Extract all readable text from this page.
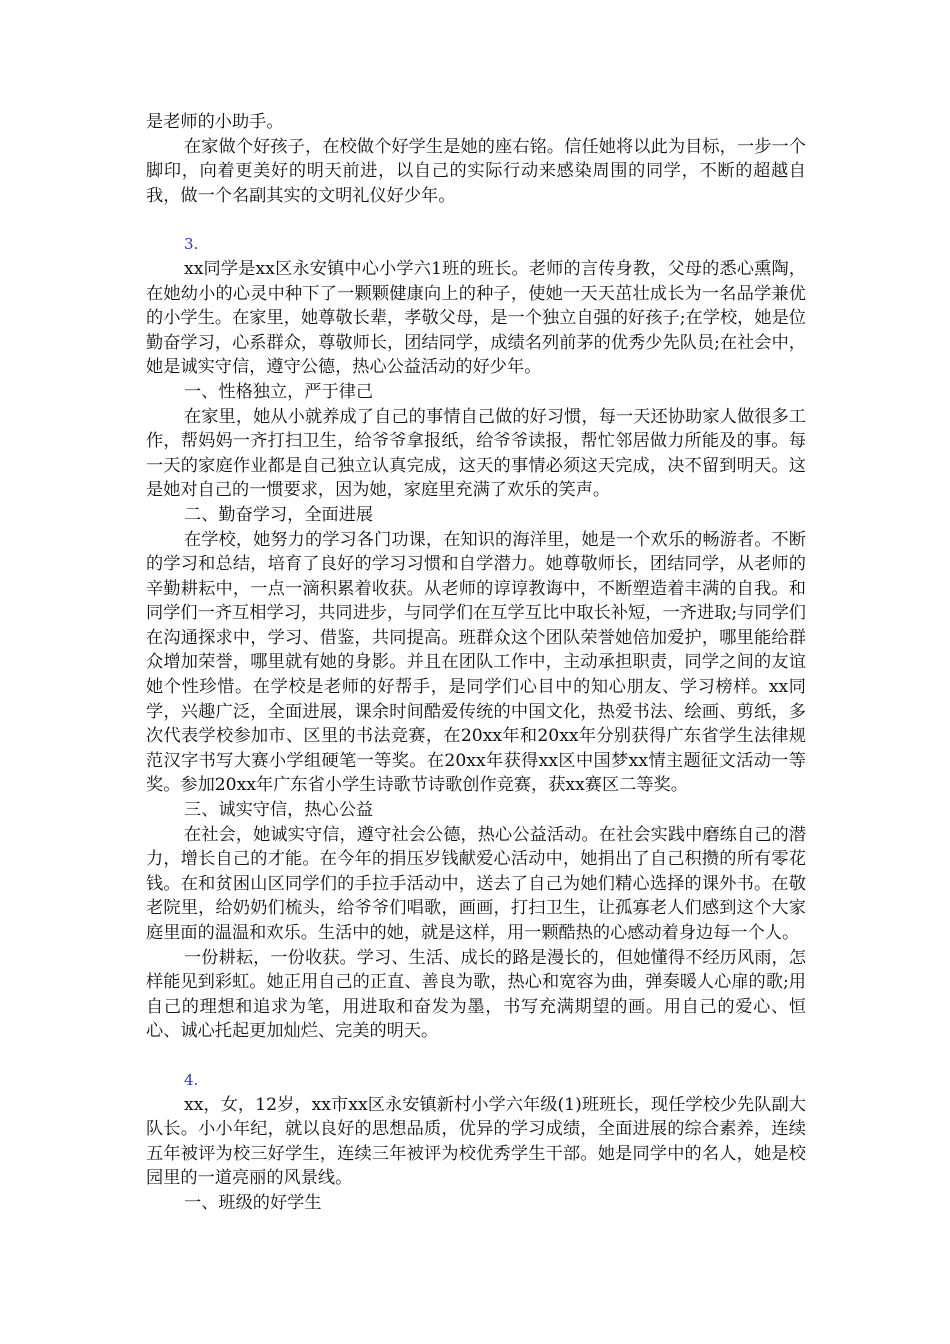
是老师的小助手。

在家做个好孩子，在校做个好学生是她的座右铭。信任她将以此为目标，一步一个脚印，向着更美好的明天前进，以自己的实际行动来感染周围的同学，不断的超越自我，做一个名副其实的文明礼仪好少年。

3.

xx同学是xx区永安镇中心小学六1班的班长。老师的言传身教，父母的悉心熏陶，在她幼小的心灵中种下了一颗颗健康向上的种子，使她一天天茁壮成长为一名品学兼优的小学生。在家里，她尊敬长辈，孝敬父母，是一个独立自强的好孩子;在学校，她是位勤奋学习，心系群众，尊敬师长，团结同学，成绩名列前茅的优秀少先队员;在社会中，她是诚实守信，遵守公德，热心公益活动的好少年。

一、性格独立，严于律己

在家里，她从小就养成了自己的事情自己做的好习惯，每一天还协助家人做很多工作，帮妈妈一齐打扫卫生，给爷爷拿报纸，给爷爷读报，帮忙邻居做力所能及的事。每一天的家庭作业都是自己独立认真完成，这天的事情必须这天完成，决不留到明天。这是她对自己的一惯要求，因为她，家庭里充满了欢乐的笑声。

二、勤奋学习，全面进展

在学校，她努力的学习各门功课，在知识的海洋里，她是一个欢乐的畅游者。不断的学习和总结，培育了良好的学习习惯和自学潜力。她尊敬师长，团结同学，从老师的辛勤耕耘中，一点一滴积累着收获。从老师的谆谆教诲中，不断塑造着丰满的自我。和同学们一齐互相学习，共同进步，与同学们在互学互比中取长补短，一齐进取;与同学们在沟通探求中，学习、借鉴，共同提高。班群众这个团队荣誉她倍加爱护，哪里能给群众增加荣誉，哪里就有她的身影。并且在团队工作中，主动承担职责，同学之间的友谊她个性珍惜。在学校是老师的好帮手，是同学们心目中的知心朋友、学习榜样。xx同学，兴趣广泛，全面进展，课余时间酷爱传统的中国文化，热爱书法、绘画、剪纸，多次代表学校参加市、区里的书法竞赛，在20xx年和20xx年分别获得广东省学生法律规范汉字书写大赛小学组硬笔一等奖。在20xx年获得xx区中国梦xx情主题征文活动一等奖。参加20xx年广东省小学生诗歌节诗歌创作竞赛，获xx赛区二等奖。

三、诚实守信，热心公益

在社会，她诚实守信，遵守社会公德，热心公益活动。在社会实践中磨练自己的潜力，增长自己的才能。在今年的捐压岁钱献爱心活动中，她捐出了自己积攒的所有零花钱。在和贫困山区同学们的手拉手活动中，送去了自己为她们精心选择的课外书。在敬老院里，给奶奶们梳头，给爷爷们唱歌，画画，打扫卫生，让孤寡老人们感到这个大家庭里面的温温和欢乐。生活中的她，就是这样，用一颗酷热的心感动着身边每一个人。

一份耕耘，一份收获。学习、生活、成长的路是漫长的，但她懂得不经历风雨，怎样能见到彩虹。她正用自己的正直、善良为歌，热心和宽容为曲，弹奏暖人心扉的歌;用自己的理想和追求为笔，用进取和奋发为墨，书写充满期望的画。用自己的爱心、恒心、诚心托起更加灿烂、完美的明天。

4.

xx，女，12岁，xx市xx区永安镇新村小学六年级(1)班班长，现任学校少先队副大队长。小小年纪，就以良好的思想品质，优异的学习成绩，全面进展的综合素养，连续五年被评为校三好学生，连续三年被评为校优秀学生干部。她是同学中的名人，她是校园里的一道亮丽的风景线。

一、班级的好学生
